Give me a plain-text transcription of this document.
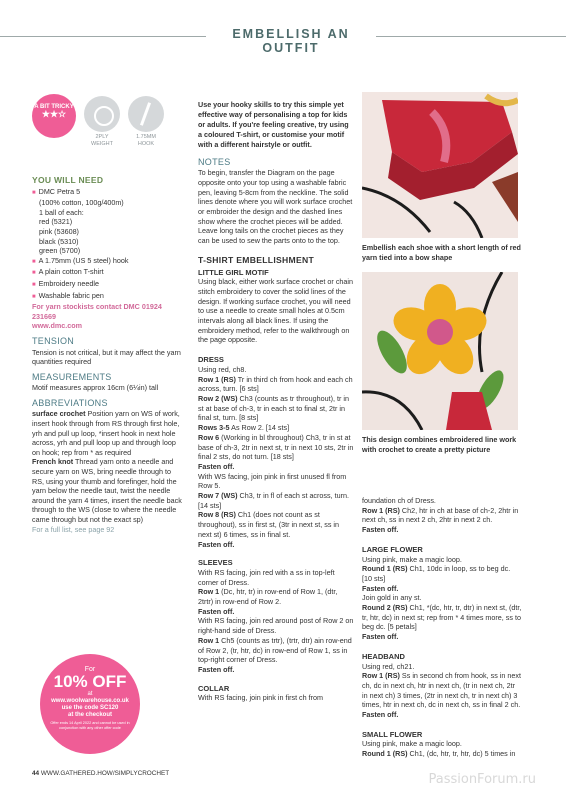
EMBELLISH AN OUTFIT
A BIT TRICKY
★★☆
2PLY WEIGHT
1.75MM HOOK
YOU WILL NEED
■ DMC Petra 5
(100% cotton, 100g/400m)
1 ball of each:
red (5321)
pink (53608)
black (5310)
green (5700)
■ A 1.75mm (US 5 steel) hook
■ A plain cotton T-shirt
■ Embroidery needle
■ Washable fabric pen
For yarn stockists contact DMC 01924 231669
www.dmc.com
TENSION
Tension is not critical, but it may affect the yarn quantities required
MEASUREMENTS
Motif measures approx 16cm (6¼in) tall
ABBREVIATIONS
surface crochet Position yarn on WS of work, insert hook through from RS through first hole, yrh and pull up loop, *insert hook in next hole across, yrh and pull loop up and through loop on hook; rep from * as required
French knot Thread yarn onto a needle and secure yarn on WS, bring needle through to RS, using your thumb and forefinger, hold the yarn below the needle taut, twist the needle around the yarn 4 times, insert the needle back through to the WS (close to where the needle came through but not the exact sp)
For a full list, see page 92
For
10% OFF
at
www.woolwarehouse.co.uk
use the code SC120
at the checkout
Offer ends 14 April 2022 and cannot be used in conjunction with any other offer code
Use your hooky skills to try this simple yet effective way of personalising a top for kids or adults. If you're feeling creative, try using a coloured T-shirt, or customise your motif with a different hairstyle or outfit.
NOTES
To begin, transfer the Diagram on the page opposite onto your top using a washable fabric pen, leaving 5-8cm from the neckline. The solid lines denote where you will work surface crochet or embroider the design and the dashed lines show where the crochet pieces will be added.
Leave long tails on the crochet pieces as they can be used to sew the parts onto to the top.
T-SHIRT EMBELLISHMENT
LITTLE GIRL MOTIF
Using black, either work surface crochet or chain stitch embroidery to cover the solid lines of the design. If working surface crochet, you will need to use a needle to create small holes at 0.5cm intervals along all black lines. If using the embroidery method, refer to the walkthrough on the page opposite.
DRESS
Using red, ch8.
Row 1 (RS) Tr in third ch from hook and each ch across, turn. [6 sts]
Row 2 (WS) Ch3 (counts as tr throughout), tr in st at base of ch-3, tr in each st to final st, 2tr in final st, turn. [8 sts]
Rows 3-5 As Row 2. [14 sts]
Row 6 (Working in bl throughout) Ch3, tr in st at base of ch-3, 2tr in next st, tr in next 10 sts, 2tr in final 2 sts, do not turn. [18 sts]
Fasten off.
With WS facing, join pink in first unused fl from Row 5.
Row 7 (WS) Ch3, tr in fl of each st across, turn. [14 sts]
Row 8 (RS) Ch1 (does not count as st throughout), ss in first st, (3tr in next st, ss in next st) 6 times, ss in final st.
Fasten off.
SLEEVES
With RS facing, join red with a ss in top-left corner of Dress.
Row 1 (Dc, htr, tr) in row-end of Row 1, (dtr, 2trtr) in row-end of Row 2.
Fasten off.
With RS facing, join red around post of Row 2 on right-hand side of Dress.
Row 1 Ch5 (counts as trtr), (trtr, dtr) ain row-end of Row 2, (tr, htr, dc) in row-end of Row 1, ss in top-right corner of Dress.
Fasten off.
COLLAR
With RS facing, join pink in first ch from
Embellish each shoe with a short length of red yarn tied into a bow shape
This design combines embroidered line work with crochet to create a pretty picture
foundation ch of Dress.
Row 1 (RS) Ch2, htr in ch at base of ch-2, 2htr in next ch, ss in next 2 ch, 2htr in next 2 ch.
Fasten off.
LARGE FLOWER
Using pink, make a magic loop.
Round 1 (RS) Ch1, 10dc in loop, ss to beg dc. [10 sts]
Fasten off.
Join gold in any st.
Round 2 (RS) Ch1, *(dc, htr, tr, dtr) in next st, (dtr, tr, htr, dc) in next st; rep from * 4 times more, ss to beg dc. [5 petals]
Fasten off.
HEADBAND
Using red, ch21.
Row 1 (RS) Ss in second ch from hook, ss in next ch, dc in next ch, htr in next ch, (tr in next ch, 2tr in next ch) 3 times, (2tr in next ch, tr in next ch) 3 times, htr in next ch, dc in next ch, ss in final 2 ch.
Fasten off.
SMALL FLOWER
Using pink, make a magic loop.
Round 1 (RS) Ch1, (dc, htr, tr, htr, dc) 5 times in
44 WWW.GATHERED.HOW/SIMPLYCROCHET	PassionForum.ru
